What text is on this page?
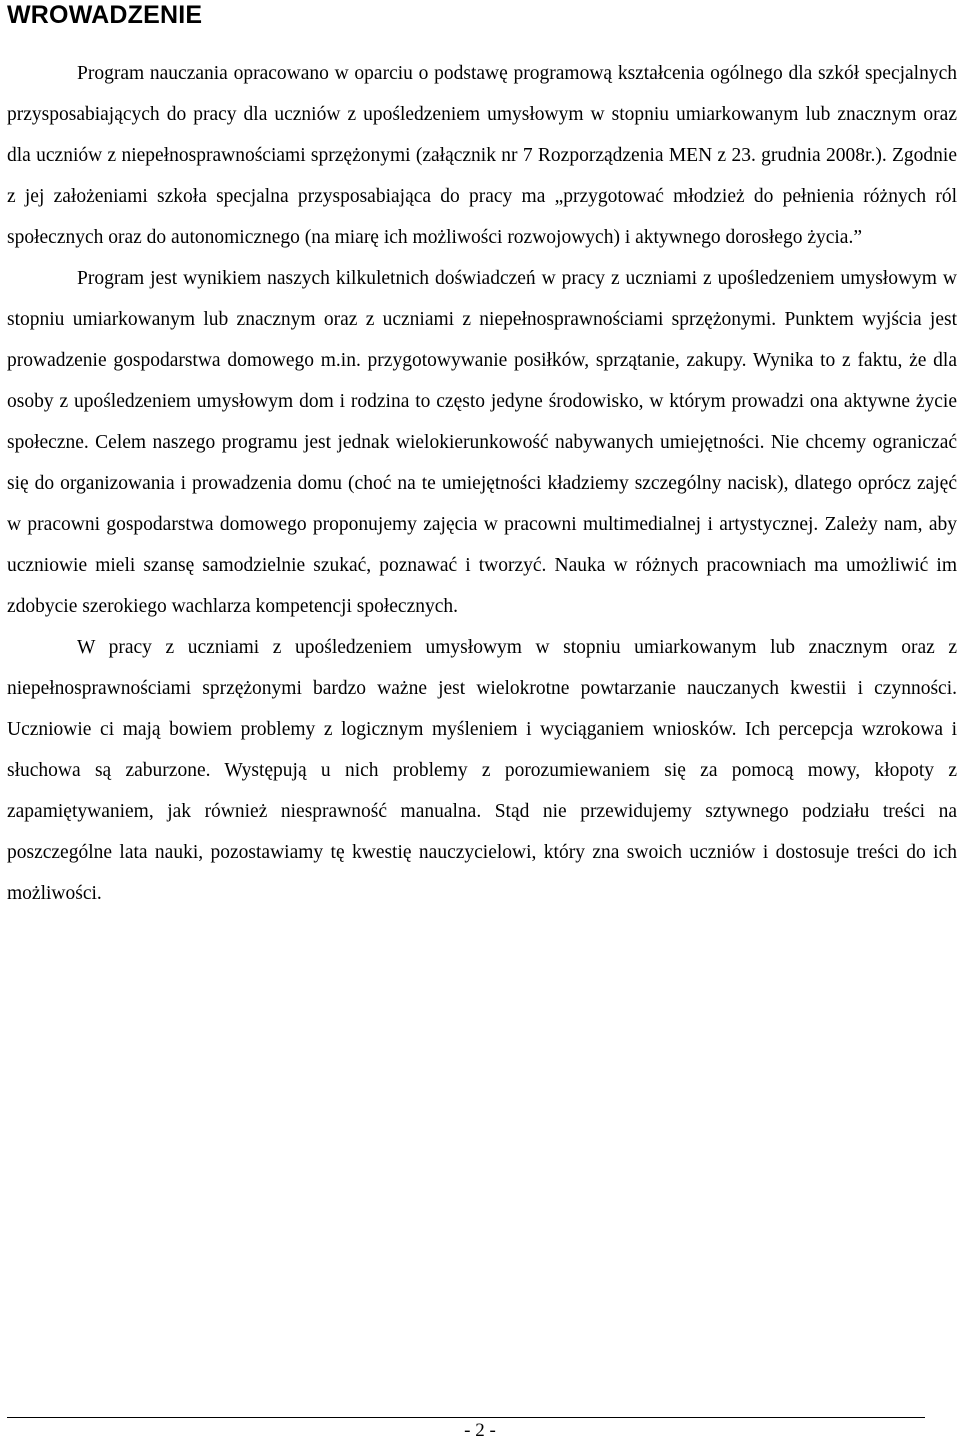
WROWADZENIE

Program nauczania opracowano w oparciu o podstawę programową kształcenia ogólnego dla szkół specjalnych przysposabiających do pracy dla uczniów z upośledzeniem umysłowym w stopniu umiarkowanym lub znacznym oraz dla uczniów z niepełnosprawnościami sprzężonymi (załącznik nr 7 Rozporządzenia MEN z 23. grudnia 2008r.). Zgodnie z jej założeniami szkoła specjalna przysposabiająca do pracy ma „przygotować młodzież do pełnienia różnych ról społecznych oraz do autonomicznego (na miarę ich możliwości rozwojowych) i aktywnego dorosłego życia.”

Program jest wynikiem naszych kilkuletnich doświadczeń w pracy z uczniami z upośledzeniem umysłowym w stopniu umiarkowanym lub znacznym oraz z uczniami z niepełnosprawnościami sprzężonymi. Punktem wyjścia jest prowadzenie gospodarstwa domowego m.in. przygotowywanie posiłków, sprzątanie, zakupy. Wynika to z faktu, że dla osoby z upośledzeniem umysłowym dom i rodzina to często jedyne środowisko, w którym prowadzi ona aktywne życie społeczne. Celem naszego programu jest jednak wielokierunkowość nabywanych umiejętności. Nie chcemy ograniczać się do organizowania i prowadzenia domu (choć na te umiejętności kładziemy szczególny nacisk), dlatego oprócz zajęć w pracowni gospodarstwa domowego proponujemy zajęcia w pracowni multimedialnej i artystycznej. Zależy nam, aby uczniowie mieli szansę samodzielnie szukać, poznawać i tworzyć. Nauka w różnych pracowniach ma umożliwić im zdobycie szerokiego wachlarza kompetencji społecznych.

W pracy z uczniami z upośledzeniem umysłowym w stopniu umiarkowanym lub znacznym oraz z niepełnosprawnościami sprzężonymi bardzo ważne jest wielokrotne powtarzanie nauczanych kwestii i czynności. Uczniowie ci mają bowiem problemy z logicznym myśleniem i wyciąganiem wniosków. Ich percepcja wzrokowa i słuchowa są zaburzone. Występują u nich problemy z porozumiewaniem się za pomocą mowy, kłopoty z zapamiętywaniem, jak również niesprawność manualna. Stąd nie przewidujemy sztywnego podziału treści na poszczególne lata nauki, pozostawiamy tę kwestię nauczycielowi, który zna swoich uczniów i dostosuje treści do ich możliwości.

- 2 -
